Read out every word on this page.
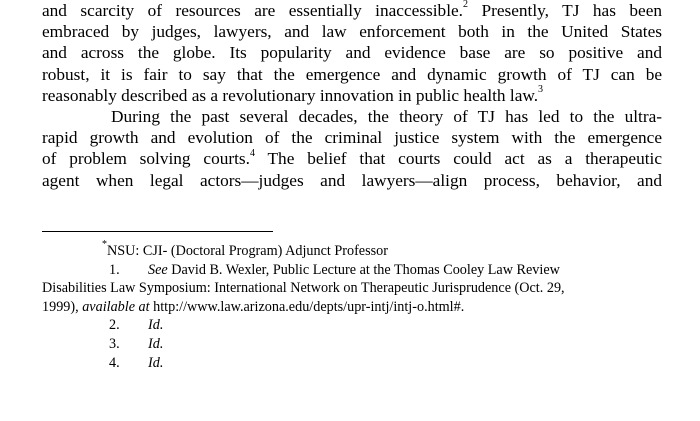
and scarcity of resources are essentially inaccessible.$^2$ Presently, TJ has been
embraced by judges, lawyers, and law enforcement both in the United States
and across the globe. Its popularity and evidence base are so positive and
robust, it is fair to say that the emergence and dynamic growth of TJ can be
reasonably described as a revolutionary innovation in public health law.$^3$
During the past several decades, the theory of TJ has led to the ultra-
rapid growth and evolution of the criminal justice system with the emergence
of problem solving courts.$^4$ The belief that courts could act as a therapeutic
agent when legal actors—judges and lawyers—align process, behavior, and
*NSU: CJI- (Doctoral Program) Adjunct Professor
1. See David B. Wexler, Public Lecture at the Thomas Cooley Law Review
Disabilities Law Symposium: International Network on Therapeutic Jurisprudence (Oct. 29,
1999), available at http://www.law.arizona.edu/depts/upr-intj/intj-o.html#.
2. Id.
3. Id.
4. Id.
